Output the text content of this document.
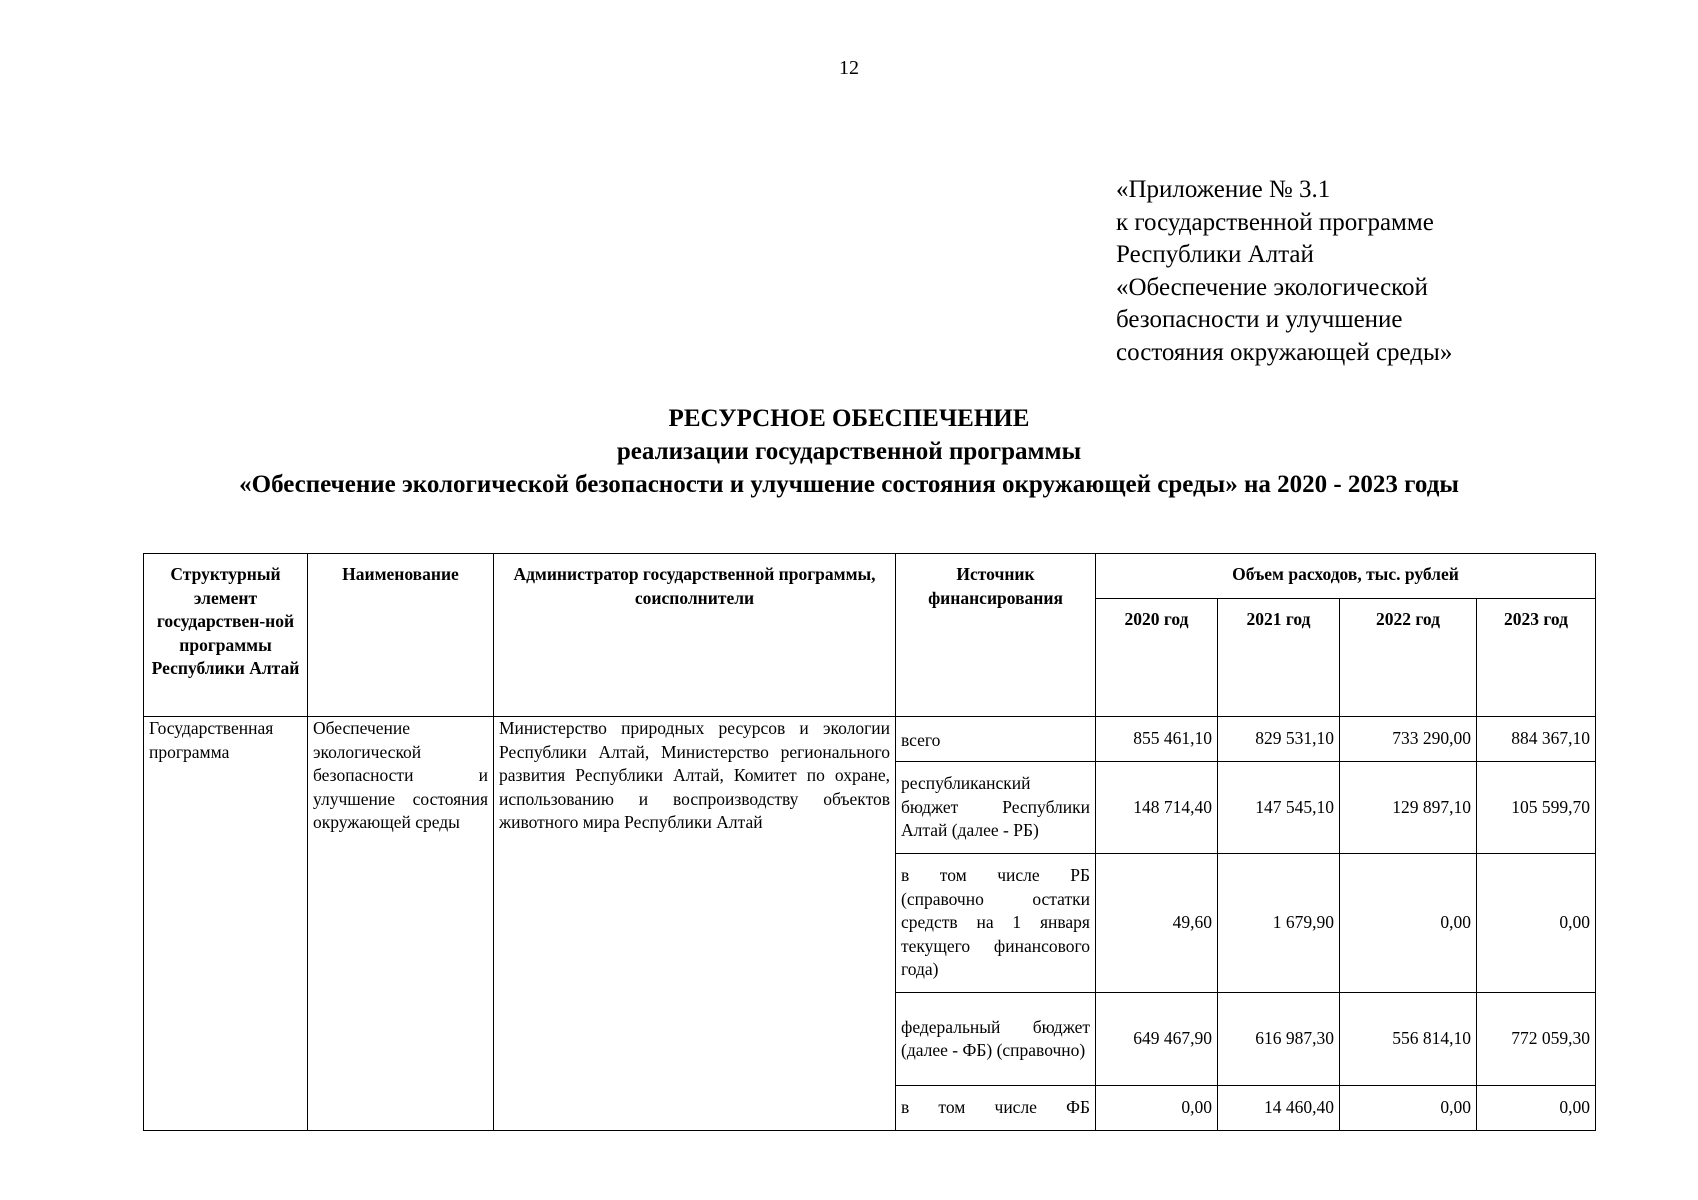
12
«Приложение № 3.1
к государственной программе
Республики Алтай
«Обеспечение экологической
безопасности и улучшение
состояния окружающей среды»
РЕСУРСНОЕ ОБЕСПЕЧЕНИЕ
реализации государственной программы
«Обеспечение экологической безопасности и улучшение состояния окружающей среды» на 2020 - 2023 годы
Структурный элемент государствен-ной программы Республики Алтай	Наименование	Администратор государственной программы, соисполнители	Источник финансирования	Объем расходов, тыс. рублей			
				2020 год	2021 год	2022 год	2023 год
Государственная программа	Обеспечение экологической безопасности и улучшение состояния окружающей среды	Министерство природных ресурсов и экологии Республики Алтай, Министерство регионального развития Республики Алтай, Комитет по охране, использованию и воспроизводству объектов животного мира Республики Алтай	всего	855 461,10	829 531,10	733 290,00	884 367,10
			республиканский бюджет Республики Алтай (далее - РБ)	148 714,40	147 545,10	129 897,10	105 599,70
			в том числе РБ (справочно остатки средств на 1 января текущего финансового года)	49,60	1 679,90	0,00	0,00
			федеральный бюджет (далее - ФБ) (справочно)	649 467,90	616 987,30	556 814,10	772 059,30
			в том числе ФБ	0,00	14 460,40	0,00	0,00
